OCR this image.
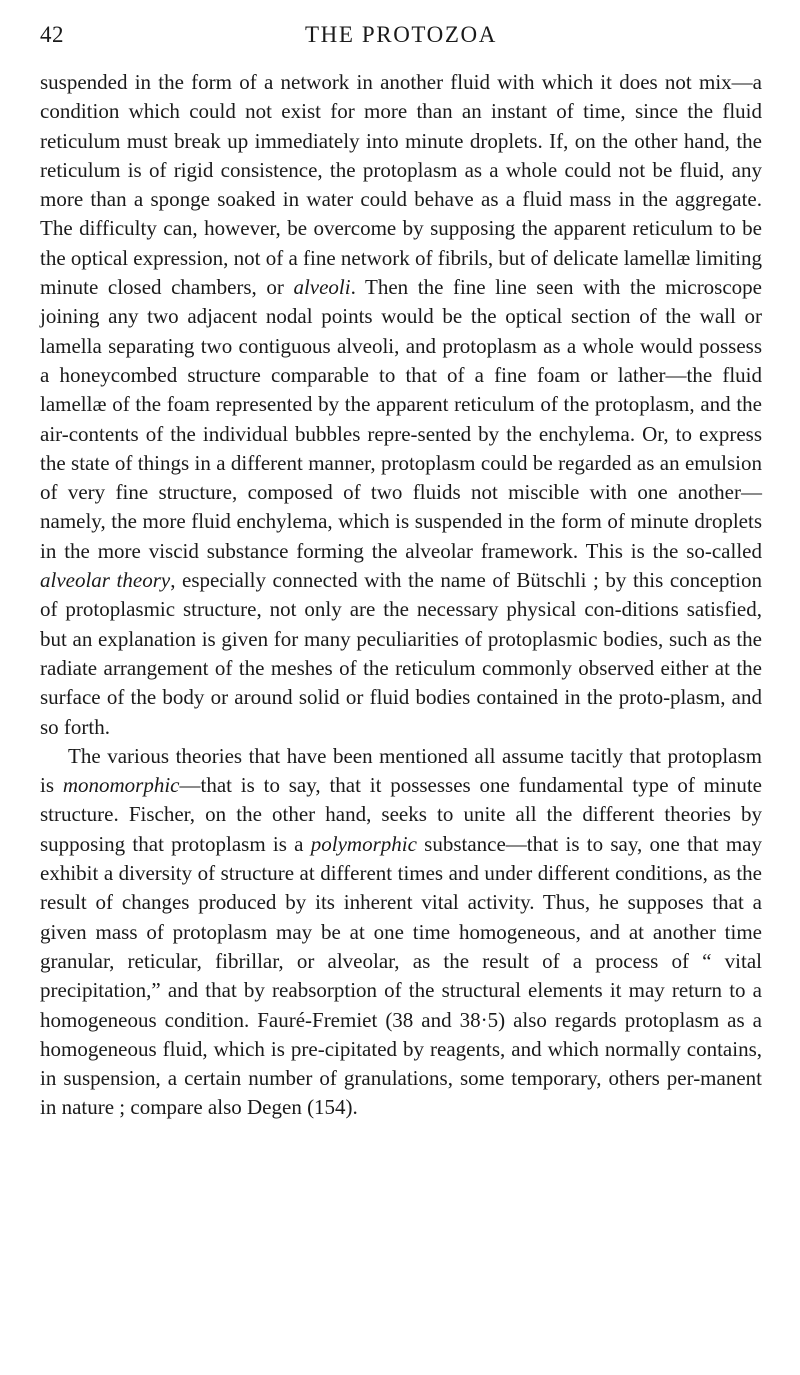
42	THE PROTOZOA

suspended in the form of a network in another fluid with which it does not mix—a condition which could not exist for more than an instant of time, since the fluid reticulum must break up immediately into minute droplets. If, on the other hand, the reticulum is of rigid consistence, the protoplasm as a whole could not be fluid, any more than a sponge soaked in water could behave as a fluid mass in the aggregate. The difficulty can, however, be overcome by supposing the apparent reticulum to be the optical expression, not of a fine network of fibrils, but of delicate lamellæ limiting minute closed chambers, or alveoli. Then the fine line seen with the microscope joining any two adjacent nodal points would be the optical section of the wall or lamella separating two contiguous alveoli, and protoplasm as a whole would possess a honeycombed structure comparable to that of a fine foam or lather—the fluid lamellæ of the foam represented by the apparent reticulum of the protoplasm, and the air-contents of the individual bubbles repre-sented by the enchylema. Or, to express the state of things in a different manner, protoplasm could be regarded as an emulsion of very fine structure, composed of two fluids not miscible with one another—namely, the more fluid enchylema, which is suspended in the form of minute droplets in the more viscid substance forming the alveolar framework. This is the so-called alveolar theory, especially connected with the name of Bütschli ; by this conception of protoplasmic structure, not only are the necessary physical con-ditions satisfied, but an explanation is given for many peculiarities of protoplasmic bodies, such as the radiate arrangement of the meshes of the reticulum commonly observed either at the surface of the body or around solid or fluid bodies contained in the proto-plasm, and so forth.

The various theories that have been mentioned all assume tacitly that protoplasm is monomorphic—that is to say, that it possesses one fundamental type of minute structure. Fischer, on the other hand, seeks to unite all the different theories by supposing that protoplasm is a polymorphic substance—that is to say, one that may exhibit a diversity of structure at different times and under different conditions, as the result of changes produced by its inherent vital activity. Thus, he supposes that a given mass of protoplasm may be at one time homogeneous, and at another time granular, reticular, fibrillar, or alveolar, as the result of a process of “ vital precipitation,” and that by reabsorption of the structural elements it may return to a homogeneous condition. Fauré-Fremiet (38 and 38·5) also regards protoplasm as a homogeneous fluid, which is pre-cipitated by reagents, and which normally contains, in suspension, a certain number of granulations, some temporary, others per-manent in nature ; compare also Degen (154).
